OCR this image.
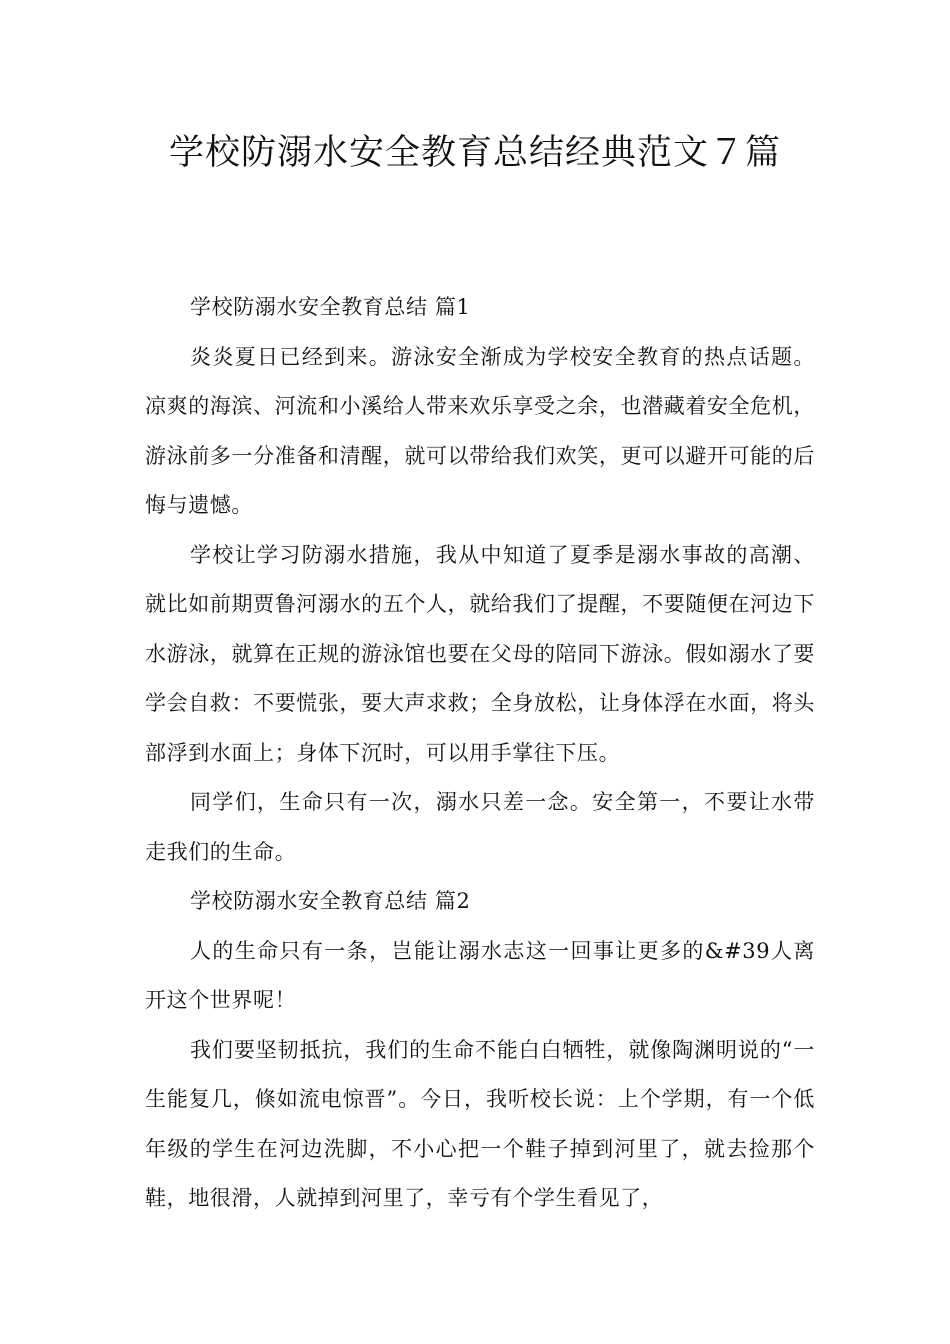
学校防溺水安全教育总结经典范文７篇

学校防溺水安全教育总结 篇1

炎炎夏日已经到来。游泳安全渐成为学校安全教育的热点话题。凉爽的海滨、河流和小溪给人带来欢乐享受之余，也潜藏着安全危机，游泳前多一分准备和清醒，就可以带给我们欢笑，更可以避开可能的后悔与遗憾。

学校让学习防溺水措施，我从中知道了夏季是溺水事故的高潮、就比如前期贾鲁河溺水的五个人，就给我们了提醒，不要随便在河边下水游泳，就算在正规的游泳馆也要在父母的陪同下游泳。假如溺水了要学会自救：不要慌张，要大声求救；全身放松，让身体浮在水面，将头部浮到水面上；身体下沉时，可以用手掌往下压。

同学们，生命只有一次，溺水只差一念。安全第一，不要让水带走我们的生命。

学校防溺水安全教育总结 篇2

人的生命只有一条，岂能让溺水志这一回事让更多的&#39人离开这个世界呢！

我们要坚韧抵抗，我们的生命不能白白牺牲，就像陶渊明说的“一生能复几，倏如流电惊晋”。今日，我听校长说：上个学期，有一个低年级的学生在河边洗脚，不小心把一个鞋子掉到河里了，就去捡那个鞋，地很滑，人就掉到河里了，幸亏有个学生看见了，
